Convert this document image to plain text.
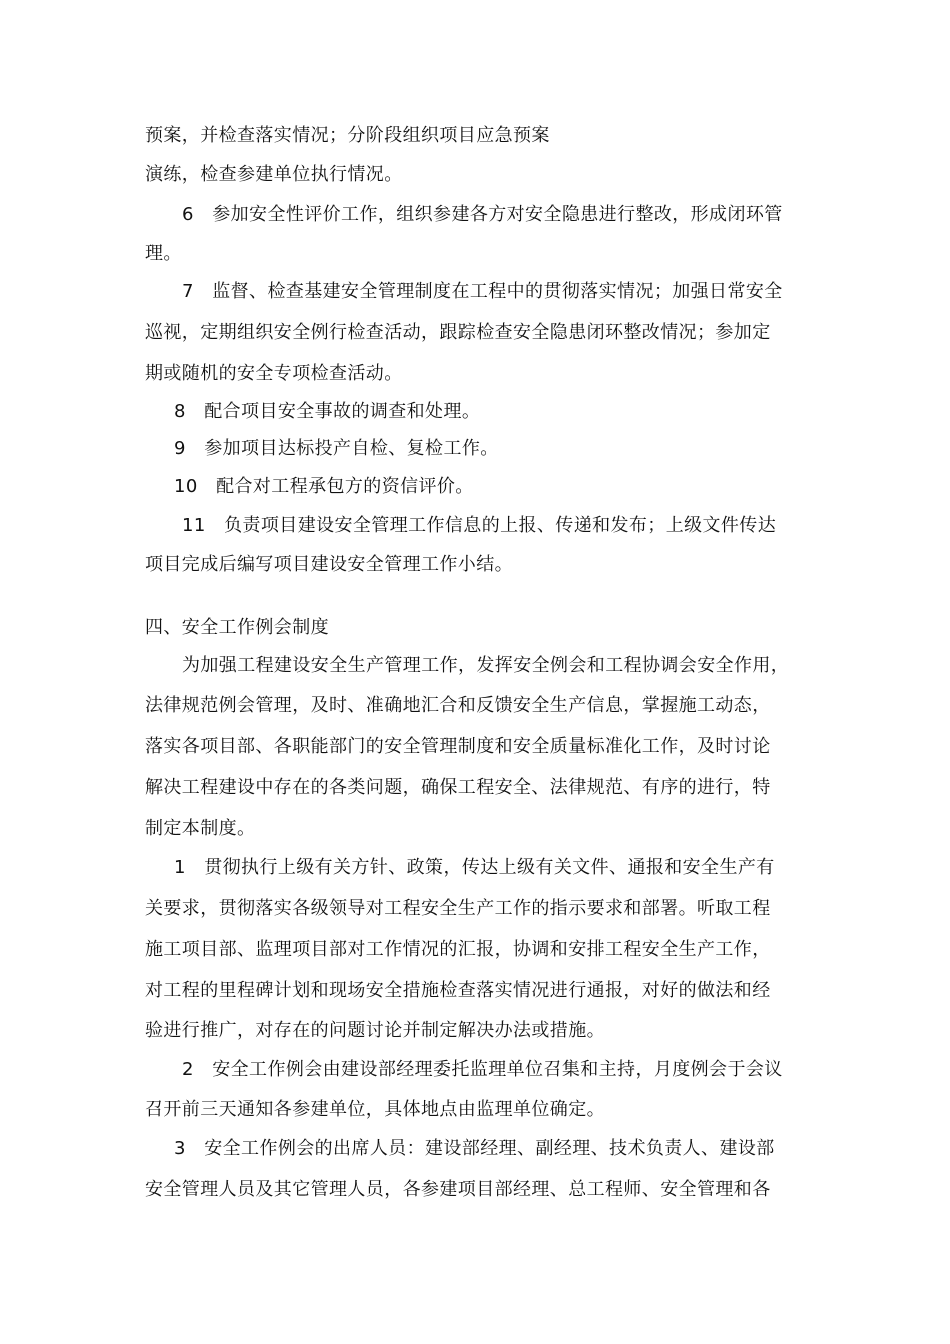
预案，并检查落实情况；分阶段组织项目应急预案
演练，检查参建单位执行情况。
6　参加安全性评价工作，组织参建各方对安全隐患进行整改，形成闭环管
理。
7　监督、检查基建安全管理制度在工程中的贯彻落实情况；加强日常安全
巡视，定期组织安全例行检查活动，跟踪检查安全隐患闭环整改情况；参加定
期或随机的安全专项检查活动。
8　配合项目安全事故的调查和处理。
9　参加项目达标投产自检、复检工作。
10　配合对工程承包方的资信评价。
11　负责项目建设安全管理工作信息的上报、传递和发布；上级文件传达
项目完成后编写项目建设安全管理工作小结。
四、安全工作例会制度
为加强工程建设安全生产管理工作，发挥安全例会和工程协调会安全作用，
法律规范例会管理，及时、准确地汇合和反馈安全生产信息，掌握施工动态，
落实各项目部、各职能部门的安全管理制度和安全质量标准化工作，及时讨论
解决工程建设中存在的各类问题，确保工程安全、法律规范、有序的进行，特
制定本制度。
1　贯彻执行上级有关方针、政策，传达上级有关文件、通报和安全生产有
关要求，贯彻落实各级领导对工程安全生产工作的指示要求和部署。听取工程
施工项目部、监理项目部对工作情况的汇报，协调和安排工程安全生产工作，
对工程的里程碑计划和现场安全措施检查落实情况进行通报，对好的做法和经
验进行推广，对存在的问题讨论并制定解决办法或措施。
2　安全工作例会由建设部经理委托监理单位召集和主持，月度例会于会议
召开前三天通知各参建单位，具体地点由监理单位确定。
3　安全工作例会的出席人员：建设部经理、副经理、技术负责人、建设部
安全管理人员及其它管理人员，各参建项目部经理、总工程师、安全管理和各
